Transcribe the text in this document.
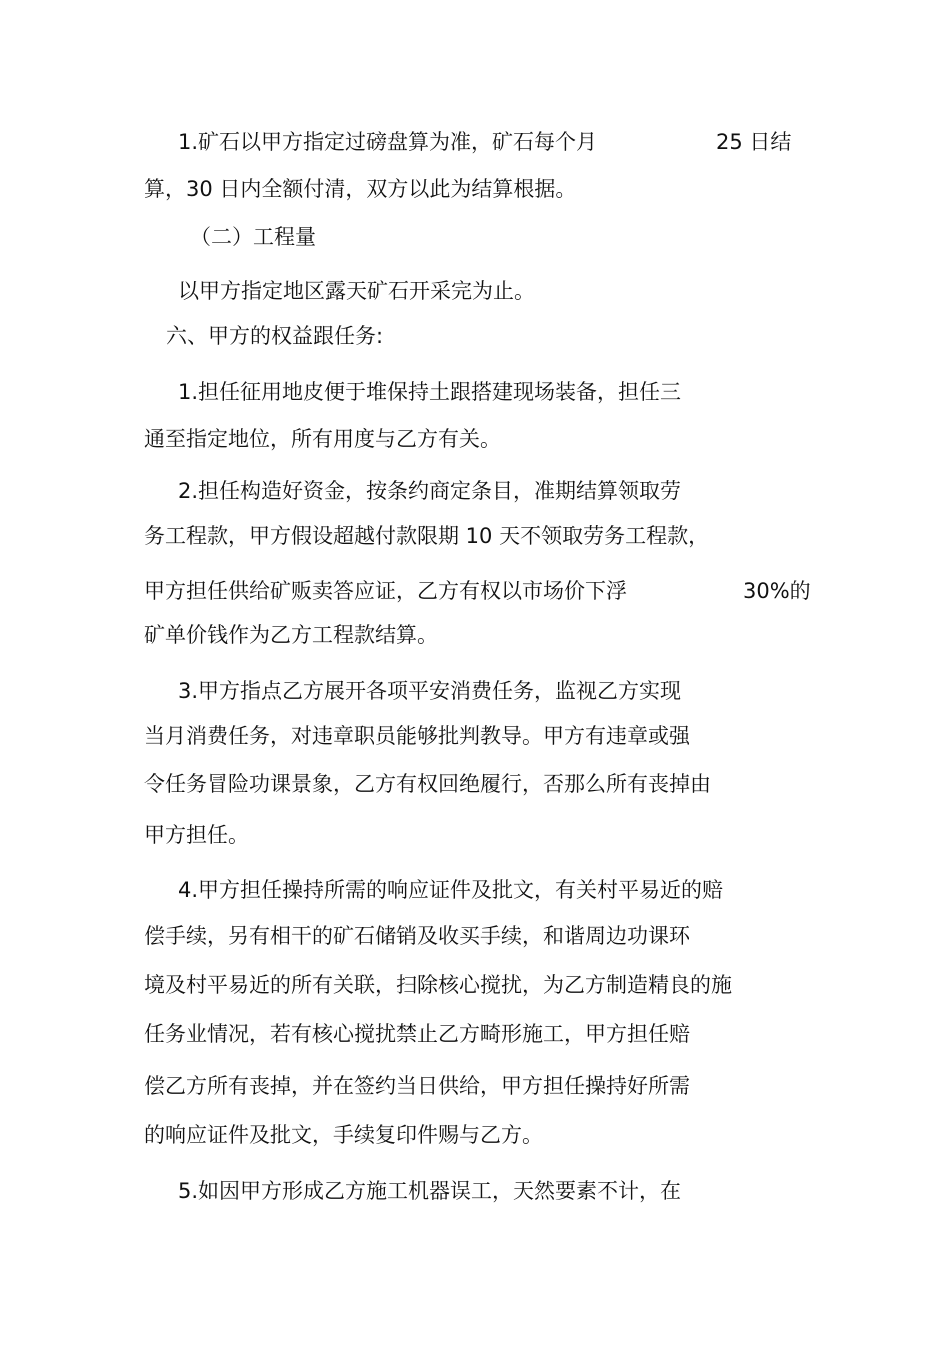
1.矿石以甲方指定过磅盘算为准，矿石每个月	25 日结
算，30 日内全额付清，双方以此为结算根据。
（二）工程量
以甲方指定地区露天矿石开采完为止。
六、甲方的权益跟任务:
1.担任征用地皮便于堆保持土跟搭建现场装备，担任三
通至指定地位，所有用度与乙方有关。
2.担任构造好资金，按条约商定条目，准期结算领取劳
务工程款，甲方假设超越付款限期 10 天不领取劳务工程款，
甲方担任供给矿贩卖答应证，乙方有权以市场价下浮	30%的
矿单价钱作为乙方工程款结算。
3.甲方指点乙方展开各项平安消费任务，监视乙方实现
当月消费任务，对违章职员能够批判教导。甲方有违章或强
令任务冒险功课景象，乙方有权回绝履行，否那么所有丧掉由
甲方担任。
4.甲方担任操持所需的响应证件及批文，有关村平易近的赔
偿手续，另有相干的矿石储销及收买手续，和谐周边功课环
境及村平易近的所有关联，扫除核心搅扰，为乙方制造精良的施
任务业情况，若有核心搅扰禁止乙方畸形施工，甲方担任赔
偿乙方所有丧掉，并在签约当日供给，甲方担任操持好所需
的响应证件及批文，手续复印件赐与乙方。
5.如因甲方形成乙方施工机器误工，天然要素不计，在
